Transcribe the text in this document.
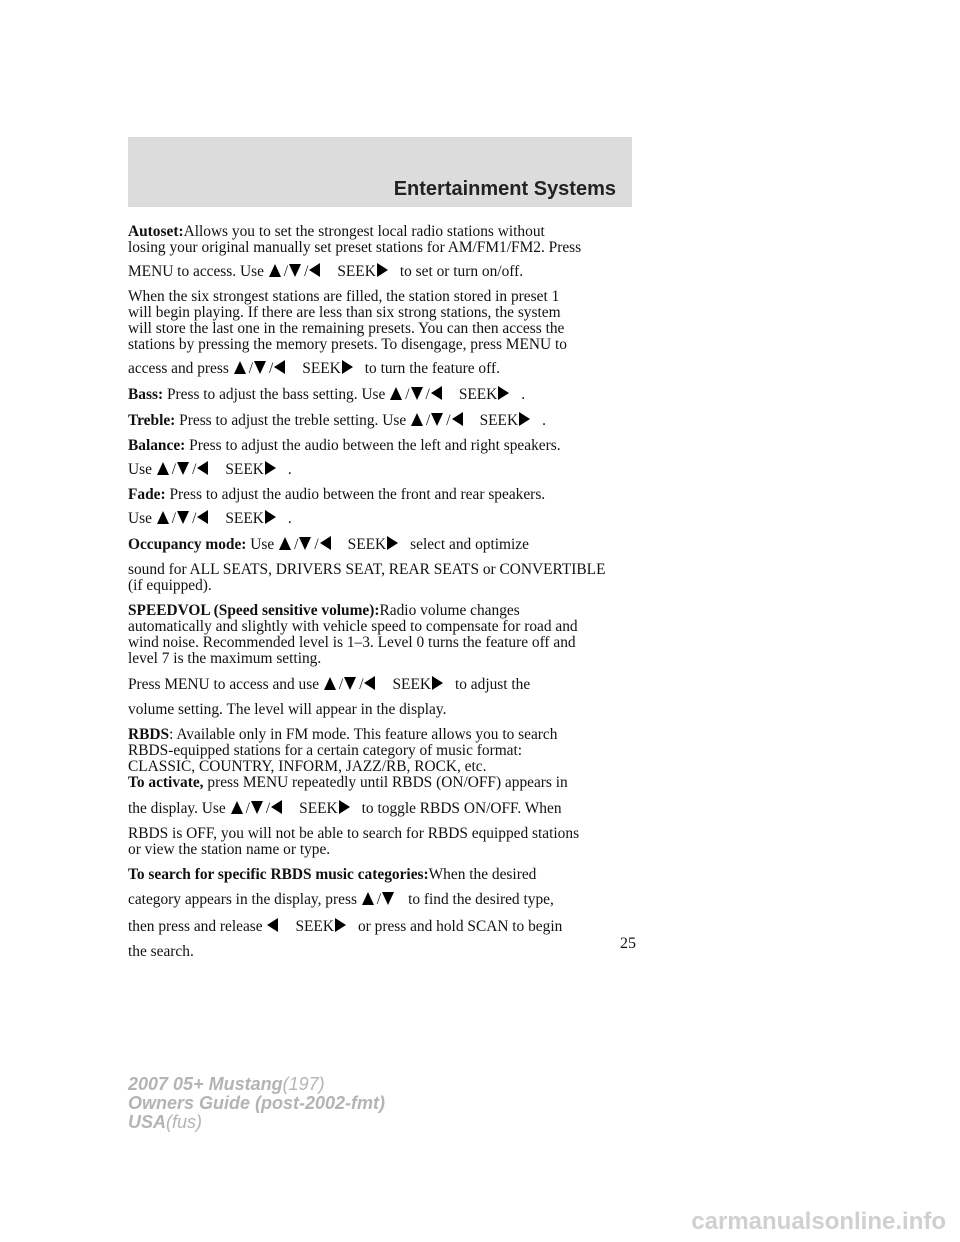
Entertainment Systems

Autoset:Allows you to set the strongest local radio stations without
losing your original manually set preset stations for AM/FM1/FM2. Press
MENU to access. Use / / SEEK to set or turn on/off.

When the six strongest stations are filled, the station stored in preset 1
will begin playing. If there are less than six strong stations, the system
will store the last one in the remaining presets. You can then access the
stations by pressing the memory presets. To disengage, press MENU to
access and press / / SEEK to turn the feature off.

Bass: Press to adjust the bass setting. Use / / SEEK .

Treble: Press to adjust the treble setting. Use / / SEEK .

Balance: Press to adjust the audio between the left and right speakers.
Use / / SEEK .

Fade: Press to adjust the audio between the front and rear speakers.
Use / / SEEK .

Occupancy mode: Use / / SEEK select and optimize
sound for ALL SEATS, DRIVERS SEAT, REAR SEATS or CONVERTIBLE
(if equipped).

SPEEDVOL (Speed sensitive volume):Radio volume changes
automatically and slightly with vehicle speed to compensate for road and
wind noise. Recommended level is 1–3. Level 0 turns the feature off and
level 7 is the maximum setting.
Press MENU to access and use / / SEEK to adjust the
volume setting. The level will appear in the display.

RBDS: Available only in FM mode. This feature allows you to search
RBDS-equipped stations for a certain category of music format:
CLASSIC, COUNTRY, INFORM, JAZZ/RB, ROCK, etc.
To activate, press MENU repeatedly until RBDS (ON/OFF) appears in
the display. Use / / SEEK to toggle RBDS ON/OFF. When
RBDS is OFF, you will not be able to search for RBDS equipped stations
or view the station name or type.

To search for specific RBDS music categories:When the desired
category appears in the display, press / to find the desired type,
then press and release SEEK or press and hold SCAN to begin
the search.	25
2007 05+ Mustang(197)
Owners Guide (post-2002-fmt)
USA(fus)
carmanualsonline.info
